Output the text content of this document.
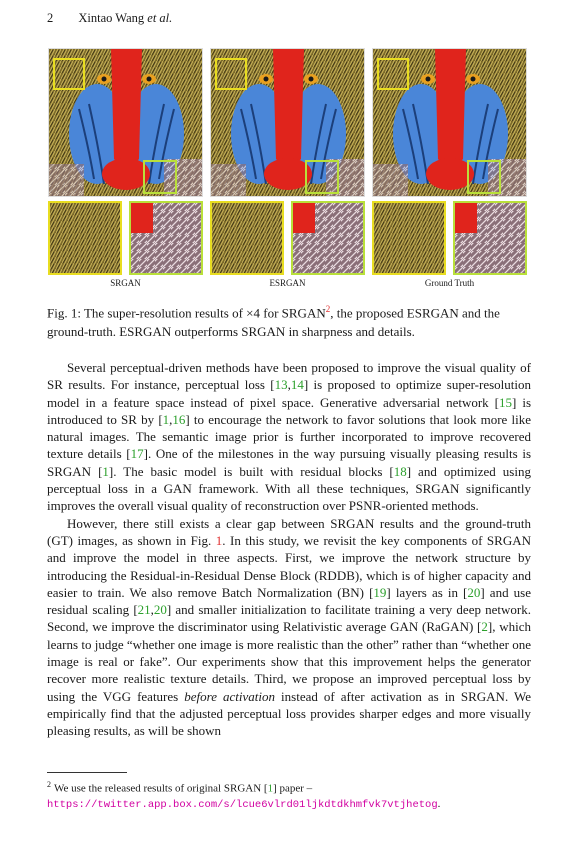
2 Xintao Wang et al.
SRGAN	ESRGAN	Ground Truth
Fig. 1: The super-resolution results of ×4 for SRGAN$^2$, the proposed ESRGAN and the ground-truth. ESRGAN outperforms SRGAN in sharpness and details.

Several perceptual-driven methods have been proposed to improve the visual quality of SR results. For instance, perceptual loss [13,14] is proposed to optimize super-resolution model in a feature space instead of pixel space. Generative adversarial network [15] is introduced to SR by [1,16] to encourage the network to favor solutions that look more like natural images. The semantic image prior is further incorporated to improve recovered texture details [17]. One of the milestones in the way pursuing visually pleasing results is SRGAN [1]. The basic model is built with residual blocks [18] and optimized using perceptual loss in a GAN framework. With all these techniques, SRGAN significantly improves the overall visual quality of reconstruction over PSNR-oriented methods.

However, there still exists a clear gap between SRGAN results and the ground-truth (GT) images, as shown in Fig. 1. In this study, we revisit the key components of SRGAN and improve the model in three aspects. First, we improve the network structure by introducing the Residual-in-Residual Dense Block (RDDB), which is of higher capacity and easier to train. We also remove Batch Normalization (BN) [19] layers as in [20] and use residual scaling [21,20] and smaller initialization to facilitate training a very deep network. Second, we improve the discriminator using Relativistic average GAN (RaGAN) [2], which learns to judge “whether one image is more realistic than the other” rather than “whether one image is real or fake”. Our experiments show that this improvement helps the generator recover more realistic texture details. Third, we propose an improved perceptual loss by using the VGG features before activation instead of after activation as in SRGAN. We empirically find that the adjusted perceptual loss provides sharper edges and more visually pleasing results, as will be shown

$^2$ We use the released results of original SRGAN [1] paper – https://twitter.app.box.com/s/lcue6vlrd01ljkdtdkhmfvk7vtjhetog.
